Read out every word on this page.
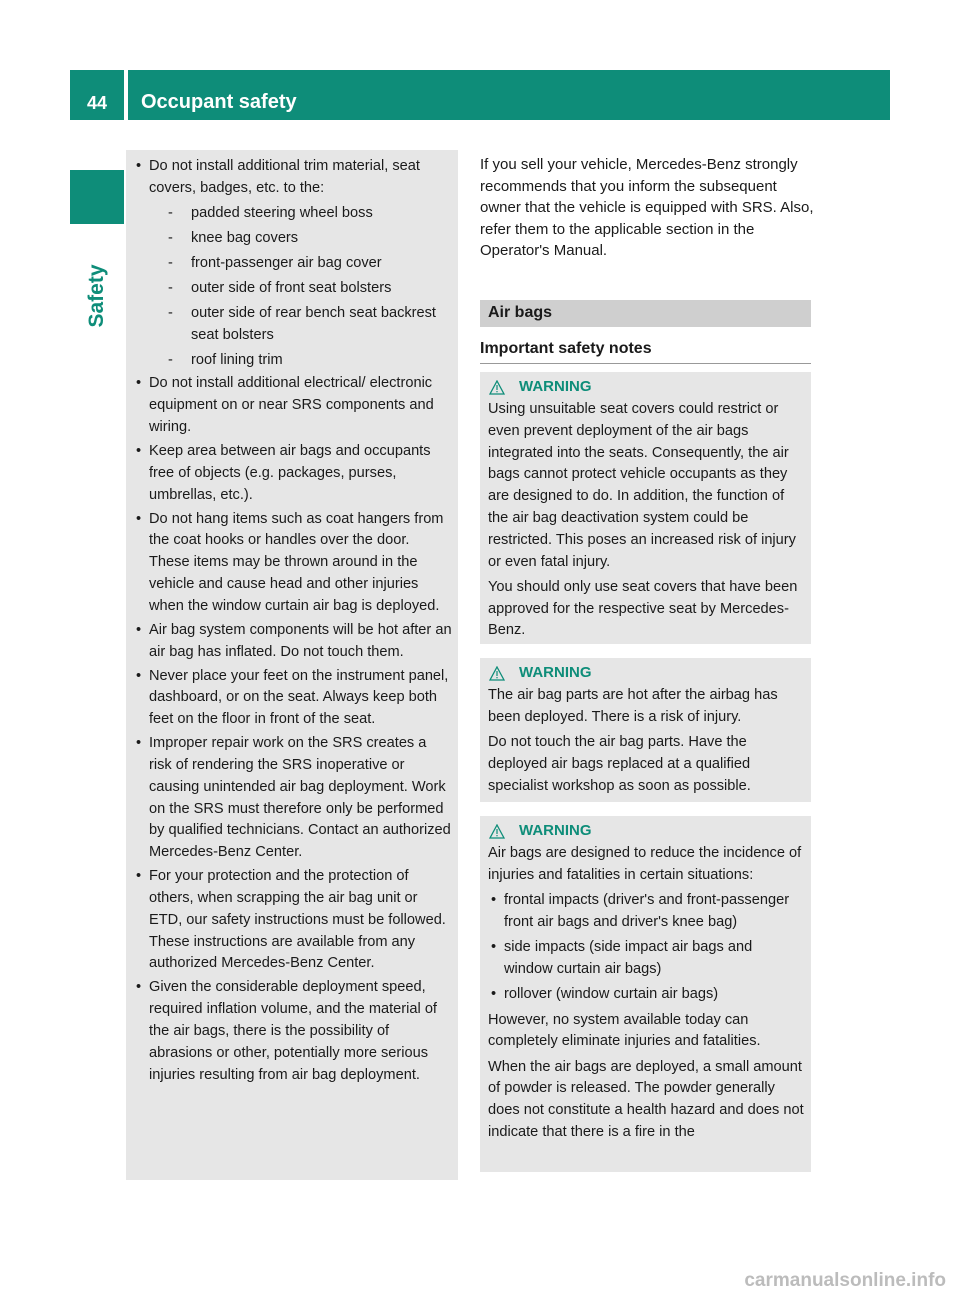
44	Occupant safety
Safety
• Do not install additional trim material, seat covers, badges, etc. to the:
- padded steering wheel boss
- knee bag covers
- front-passenger air bag cover
- outer side of front seat bolsters
- outer side of rear bench seat backrest seat bolsters
- roof lining trim
• Do not install additional electrical/ electronic equipment on or near SRS components and wiring.
• Keep area between air bags and occupants free of objects (e.g. packages, purses, umbrellas, etc.).
• Do not hang items such as coat hangers from the coat hooks or handles over the door. These items may be thrown around in the vehicle and cause head and other injuries when the window curtain air bag is deployed.
• Air bag system components will be hot after an air bag has inflated. Do not touch them.
• Never place your feet on the instrument panel, dashboard, or on the seat. Always keep both feet on the floor in front of the seat.
• Improper repair work on the SRS creates a risk of rendering the SRS inoperative or causing unintended air bag deployment. Work on the SRS must therefore only be performed by qualified technicians. Contact an authorized Mercedes-Benz Center.
• For your protection and the protection of others, when scrapping the air bag unit or ETD, our safety instructions must be followed. These instructions are available from any authorized Mercedes-Benz Center.
• Given the considerable deployment speed, required inflation volume, and the material of the air bags, there is the possibility of abrasions or other, potentially more serious injuries resulting from air bag deployment.

If you sell your vehicle, Mercedes-Benz strongly recommends that you inform the subsequent owner that the vehicle is equipped with SRS. Also, refer them to the applicable section in the Operator's Manual.

Air bags
Important safety notes
WARNING

Using unsuitable seat covers could restrict or even prevent deployment of the air bags integrated into the seats. Consequently, the air bags cannot protect vehicle occupants as they are designed to do. In addition, the function of the air bag deactivation system could be restricted. This poses an increased risk of injury or even fatal injury.

You should only use seat covers that have been approved for the respective seat by Mercedes-Benz.

WARNING

The air bag parts are hot after the airbag has been deployed. There is a risk of injury.

Do not touch the air bag parts. Have the deployed air bags replaced at a qualified specialist workshop as soon as possible.

WARNING

Air bags are designed to reduce the incidence of injuries and fatalities in certain situations:

• frontal impacts (driver's and front-passenger front air bags and driver's knee bag)
• side impacts (side impact air bags and window curtain air bags)
• rollover (window curtain air bags)

However, no system available today can completely eliminate injuries and fatalities.

When the air bags are deployed, a small amount of powder is released. The powder generally does not constitute a health hazard and does not indicate that there is a fire in the

carmanualsonline.info
